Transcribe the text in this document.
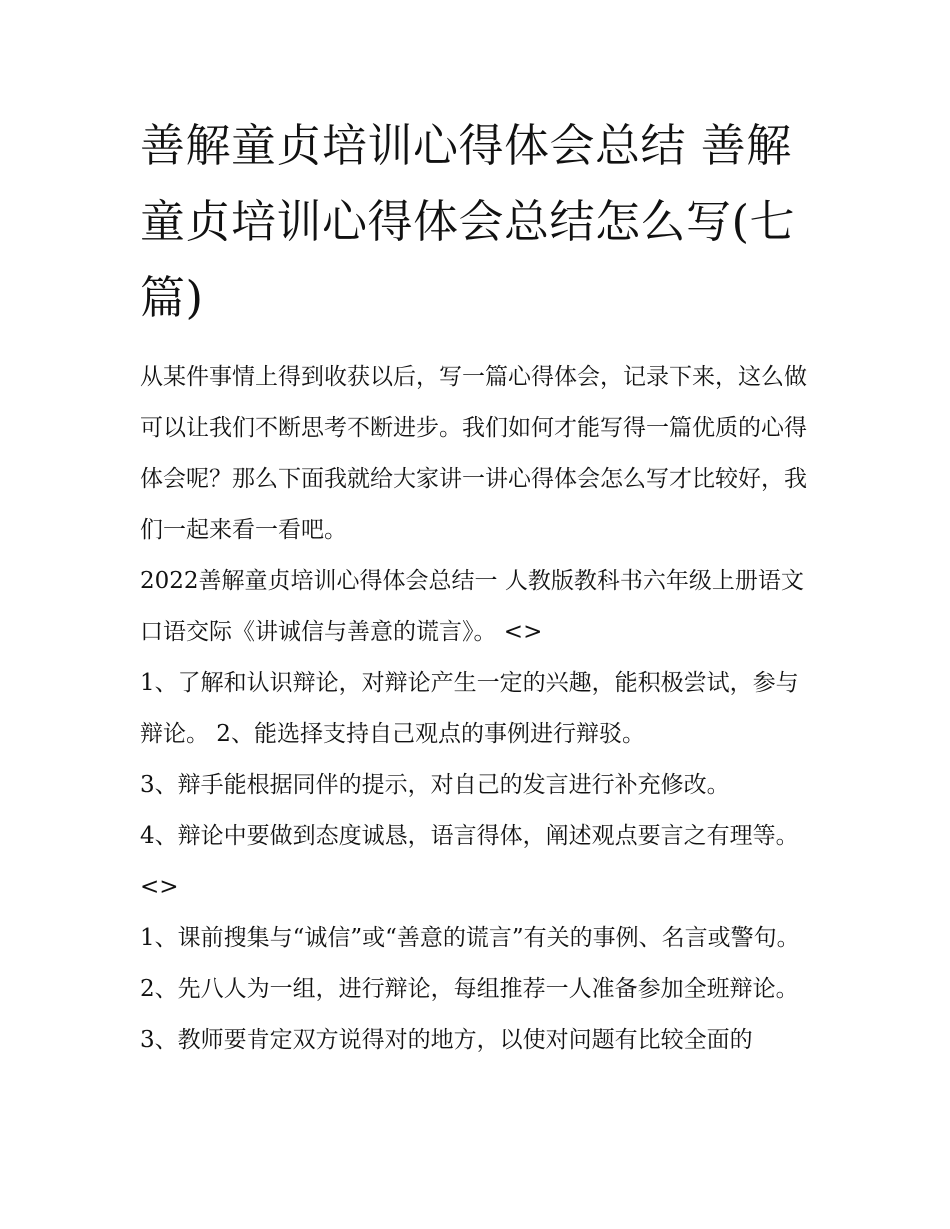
善解童贞培训心得体会总结 善解童贞培训心得体会总结怎么写(七篇)

从某件事情上得到收获以后，写一篇心得体会，记录下来，这么做可以让我们不断思考不断进步。我们如何才能写得一篇优质的心得体会呢？那么下面我就给大家讲一讲心得体会怎么写才比较好，我们一起来看一看吧。

2022善解童贞培训心得体会总结一 人教版教科书六年级上册语文口语交际《讲诚信与善意的谎言》。 <>

1、了解和认识辩论，对辩论产生一定的兴趣，能积极尝试，参与辩论。 2、能选择支持自己观点的事例进行辩驳。

3、辩手能根据同伴的提示，对自己的发言进行补充修改。

4、辩论中要做到态度诚恳，语言得体，阐述观点要言之有理等。 <>

1、课前搜集与“诚信”或“善意的谎言”有关的事例、名言或警句。 2、先八人为一组，进行辩论，每组推荐一人准备参加全班辩论。

3、教师要肯定双方说得对的地方，以使对问题有比较全面的
